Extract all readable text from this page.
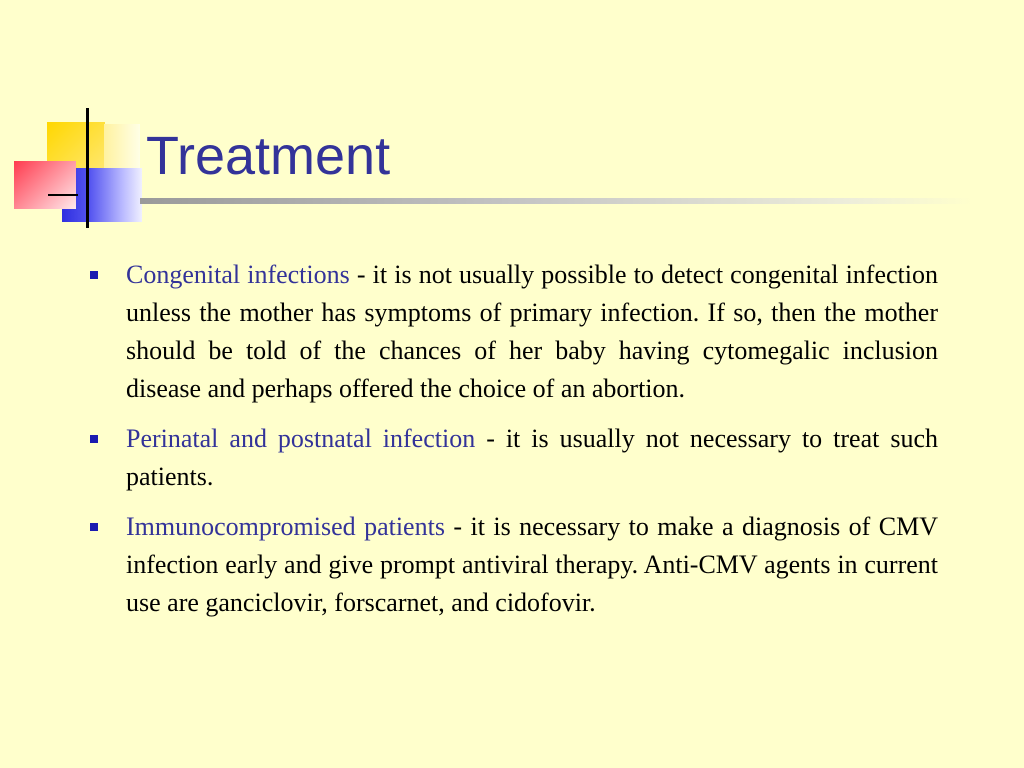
Treatment
Congenital infections - it is not usually possible to detect congenital infection unless the mother has symptoms of primary infection. If so, then the mother should be told of the chances of her baby having cytomegalic inclusion disease and perhaps offered the choice of an abortion.
Perinatal and postnatal infection - it is usually not necessary to treat such patients.
Immunocompromised patients - it is necessary to make a diagnosis of CMV infection early and give prompt antiviral therapy. Anti-CMV agents in current use are ganciclovir, forscarnet, and cidofovir.
